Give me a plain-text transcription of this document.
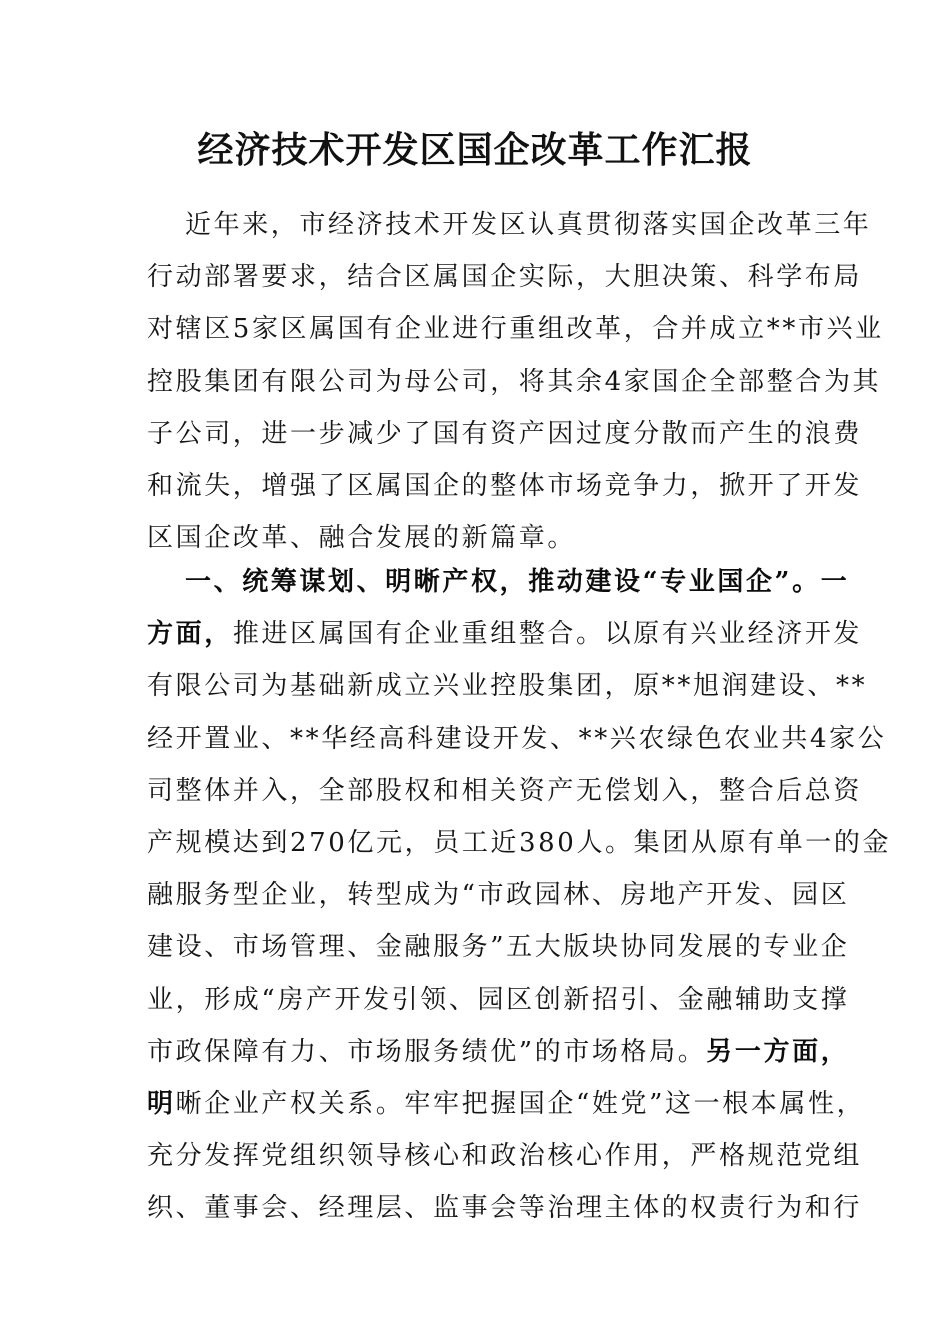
经济技术开发区国企改革工作汇报
近年来，市经济技术开发区认真贯彻落实国企改革三年
行动部署要求，结合区属国企实际，大胆决策、科学布局
对辖区5家区属国有企业进行重组改革，合并成立**市兴业
控股集团有限公司为母公司，将其余4家国企全部整合为其
子公司，进一步减少了国有资产因过度分散而产生的浪费
和流失，增强了区属国企的整体市场竞争力，掀开了开发
区国企改革、融合发展的新篇章。
一、统筹谋划、明晰产权，推动建设“专业国企”。一
方面，推进区属国有企业重组整合。以原有兴业经济开发
有限公司为基础新成立兴业控股集团，原**旭润建设、**
经开置业、**华经高科建设开发、**兴农绿色农业共4家公
司整体并入，全部股权和相关资产无偿划入，整合后总资
产规模达到270亿元，员工近380人。集团从原有单一的金
融服务型企业，转型成为“市政园林、房地产开发、园区
建设、市场管理、金融服务”五大版块协同发展的专业企
业，形成“房产开发引领、园区创新招引、金融辅助支撑
市政保障有力、市场服务绩优”的市场格局。另一方面，
明晰企业产权关系。牢牢把握国企“姓党”这一根本属性，
充分发挥党组织领导核心和政治核心作用，严格规范党组
织、董事会、经理层、监事会等治理主体的权责行为和行
